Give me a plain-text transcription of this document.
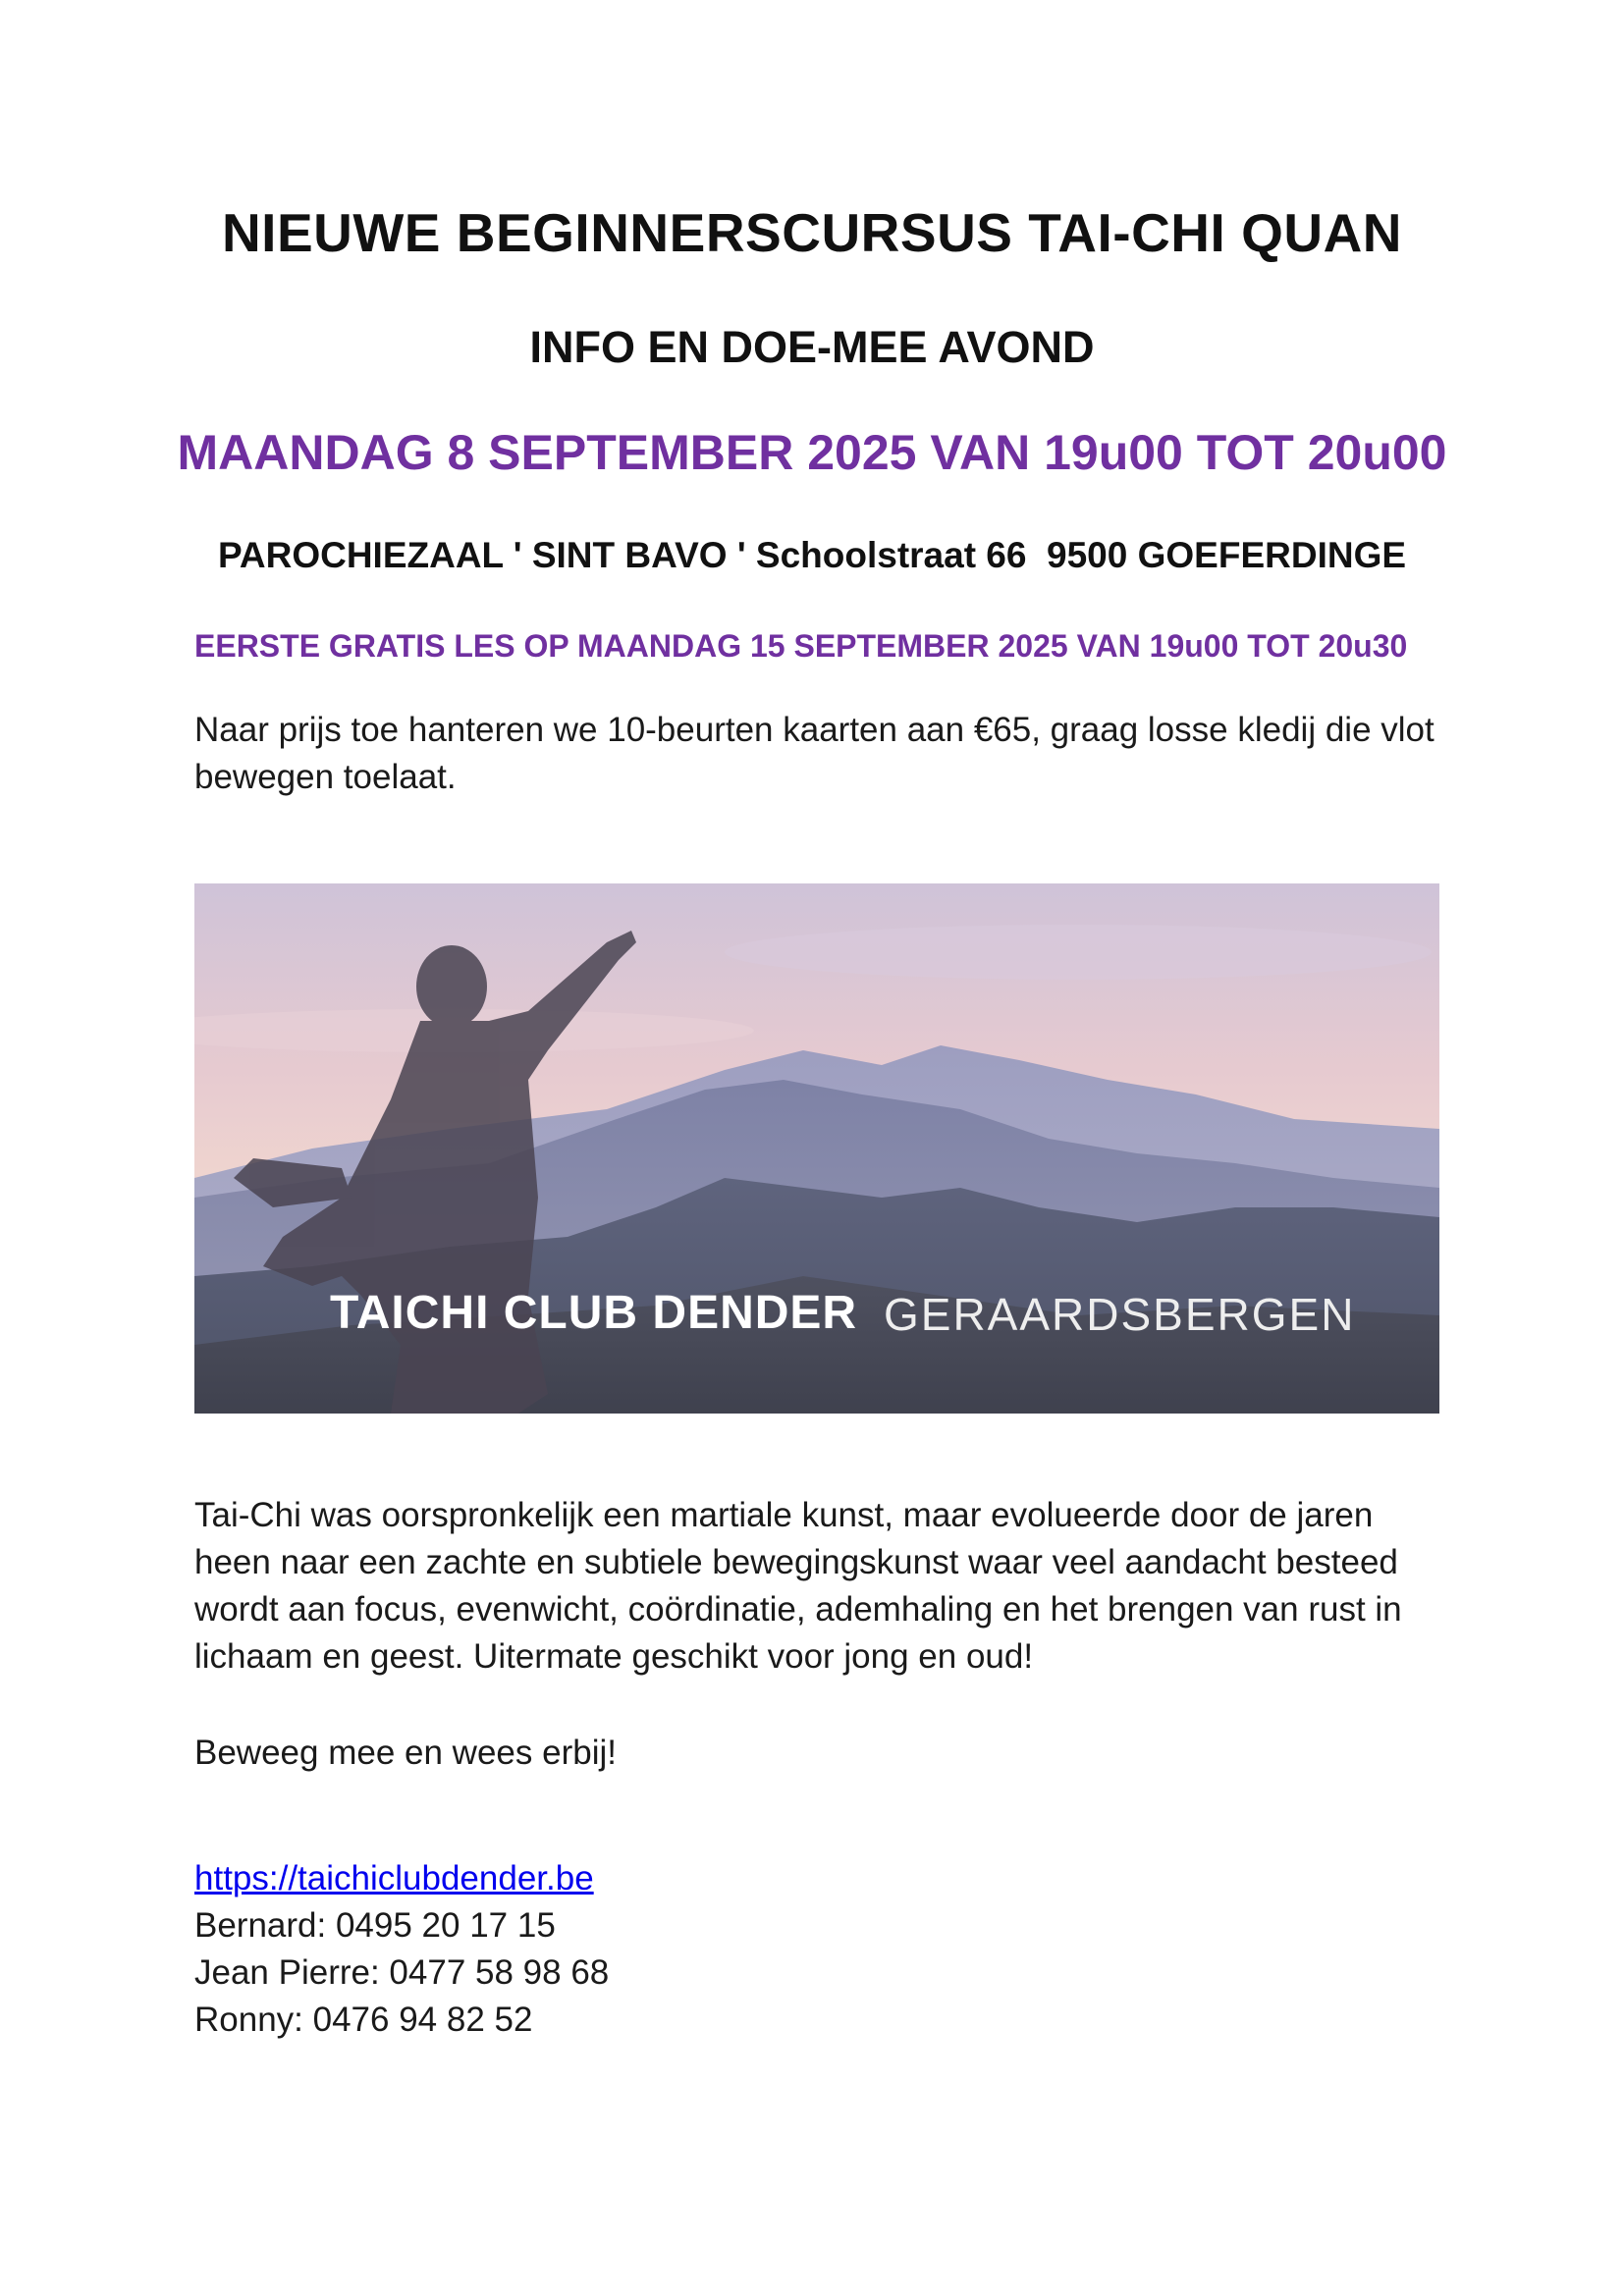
NIEUWE BEGINNERSCURSUS TAI-CHI QUAN
INFO EN DOE-MEE AVOND
MAANDAG 8 SEPTEMBER 2025 VAN 19u00 TOT 20u00
PAROCHIEZAAL ' SINT BAVO ' Schoolstraat 66  9500 GOEFERDINGE
EERSTE GRATIS LES OP MAANDAG 15 SEPTEMBER 2025 VAN 19u00 TOT 20u30
Naar prijs toe hanteren we 10-beurten kaarten aan €65, graag losse kledij die vlot bewegen toelaat.
TAICHI CLUB DENDER GERAARDSBERGEN
Tai-Chi was oorspronkelijk een martiale kunst, maar evolueerde door de jaren heen naar een zachte en subtiele bewegingskunst waar veel aandacht besteed wordt aan focus, evenwicht, coördinatie, ademhaling en het brengen van rust in lichaam en geest. Uitermate geschikt voor jong en oud!
Beweeg mee en wees erbij!
https://taichiclubdender.be
Bernard: 0495 20 17 15
Jean Pierre: 0477 58 98 68
Ronny: 0476 94 82 52
